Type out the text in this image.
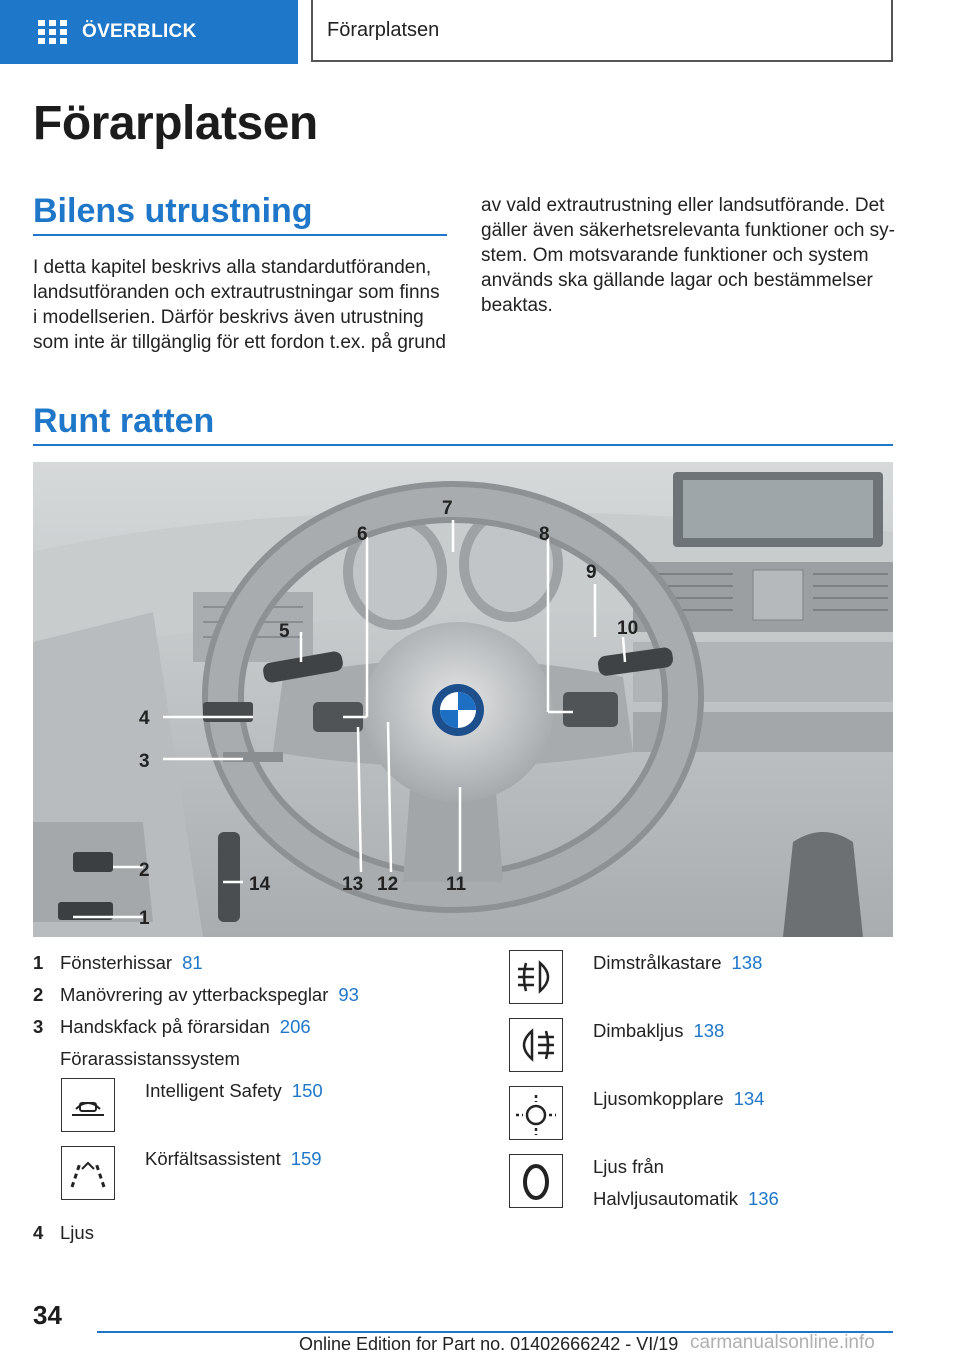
ÖVERBLICK	Förarplatsen
Förarplatsen
Bilens utrustning

I detta kapitel beskrivs alla standardutföranden, landsutföranden och extrautrustningar som finns i modellserien. Därför beskrivs även utrustning som inte är tillgänglig för ett fordon t.ex. på grund

av vald extrautrustning eller landsutförande. Det gäller även säkerhetsrelevanta funktioner och sy-stem. Om motsvarande funktioner och system används ska gällande lagar och bestämmelser beaktas.

Runt ratten
1
2
3
4
5
6
7
8
9
10
11
12
13
14
1 Fönsterhissar 81
2 Manövrering av ytterbackspeglar 93
3 Handskfack på förarsidan 206
Förarassistanssystem
Intelligent Safety 150
Körfältsassistent 159
4 Ljus
Dimstrålkastare 138
Dimbakljus 138
Ljusomkopplare 134
Ljus från
Halvljusautomatik 136
34
Online Edition for Part no. 01402666242 - VI/19 carmanualsonline.info
